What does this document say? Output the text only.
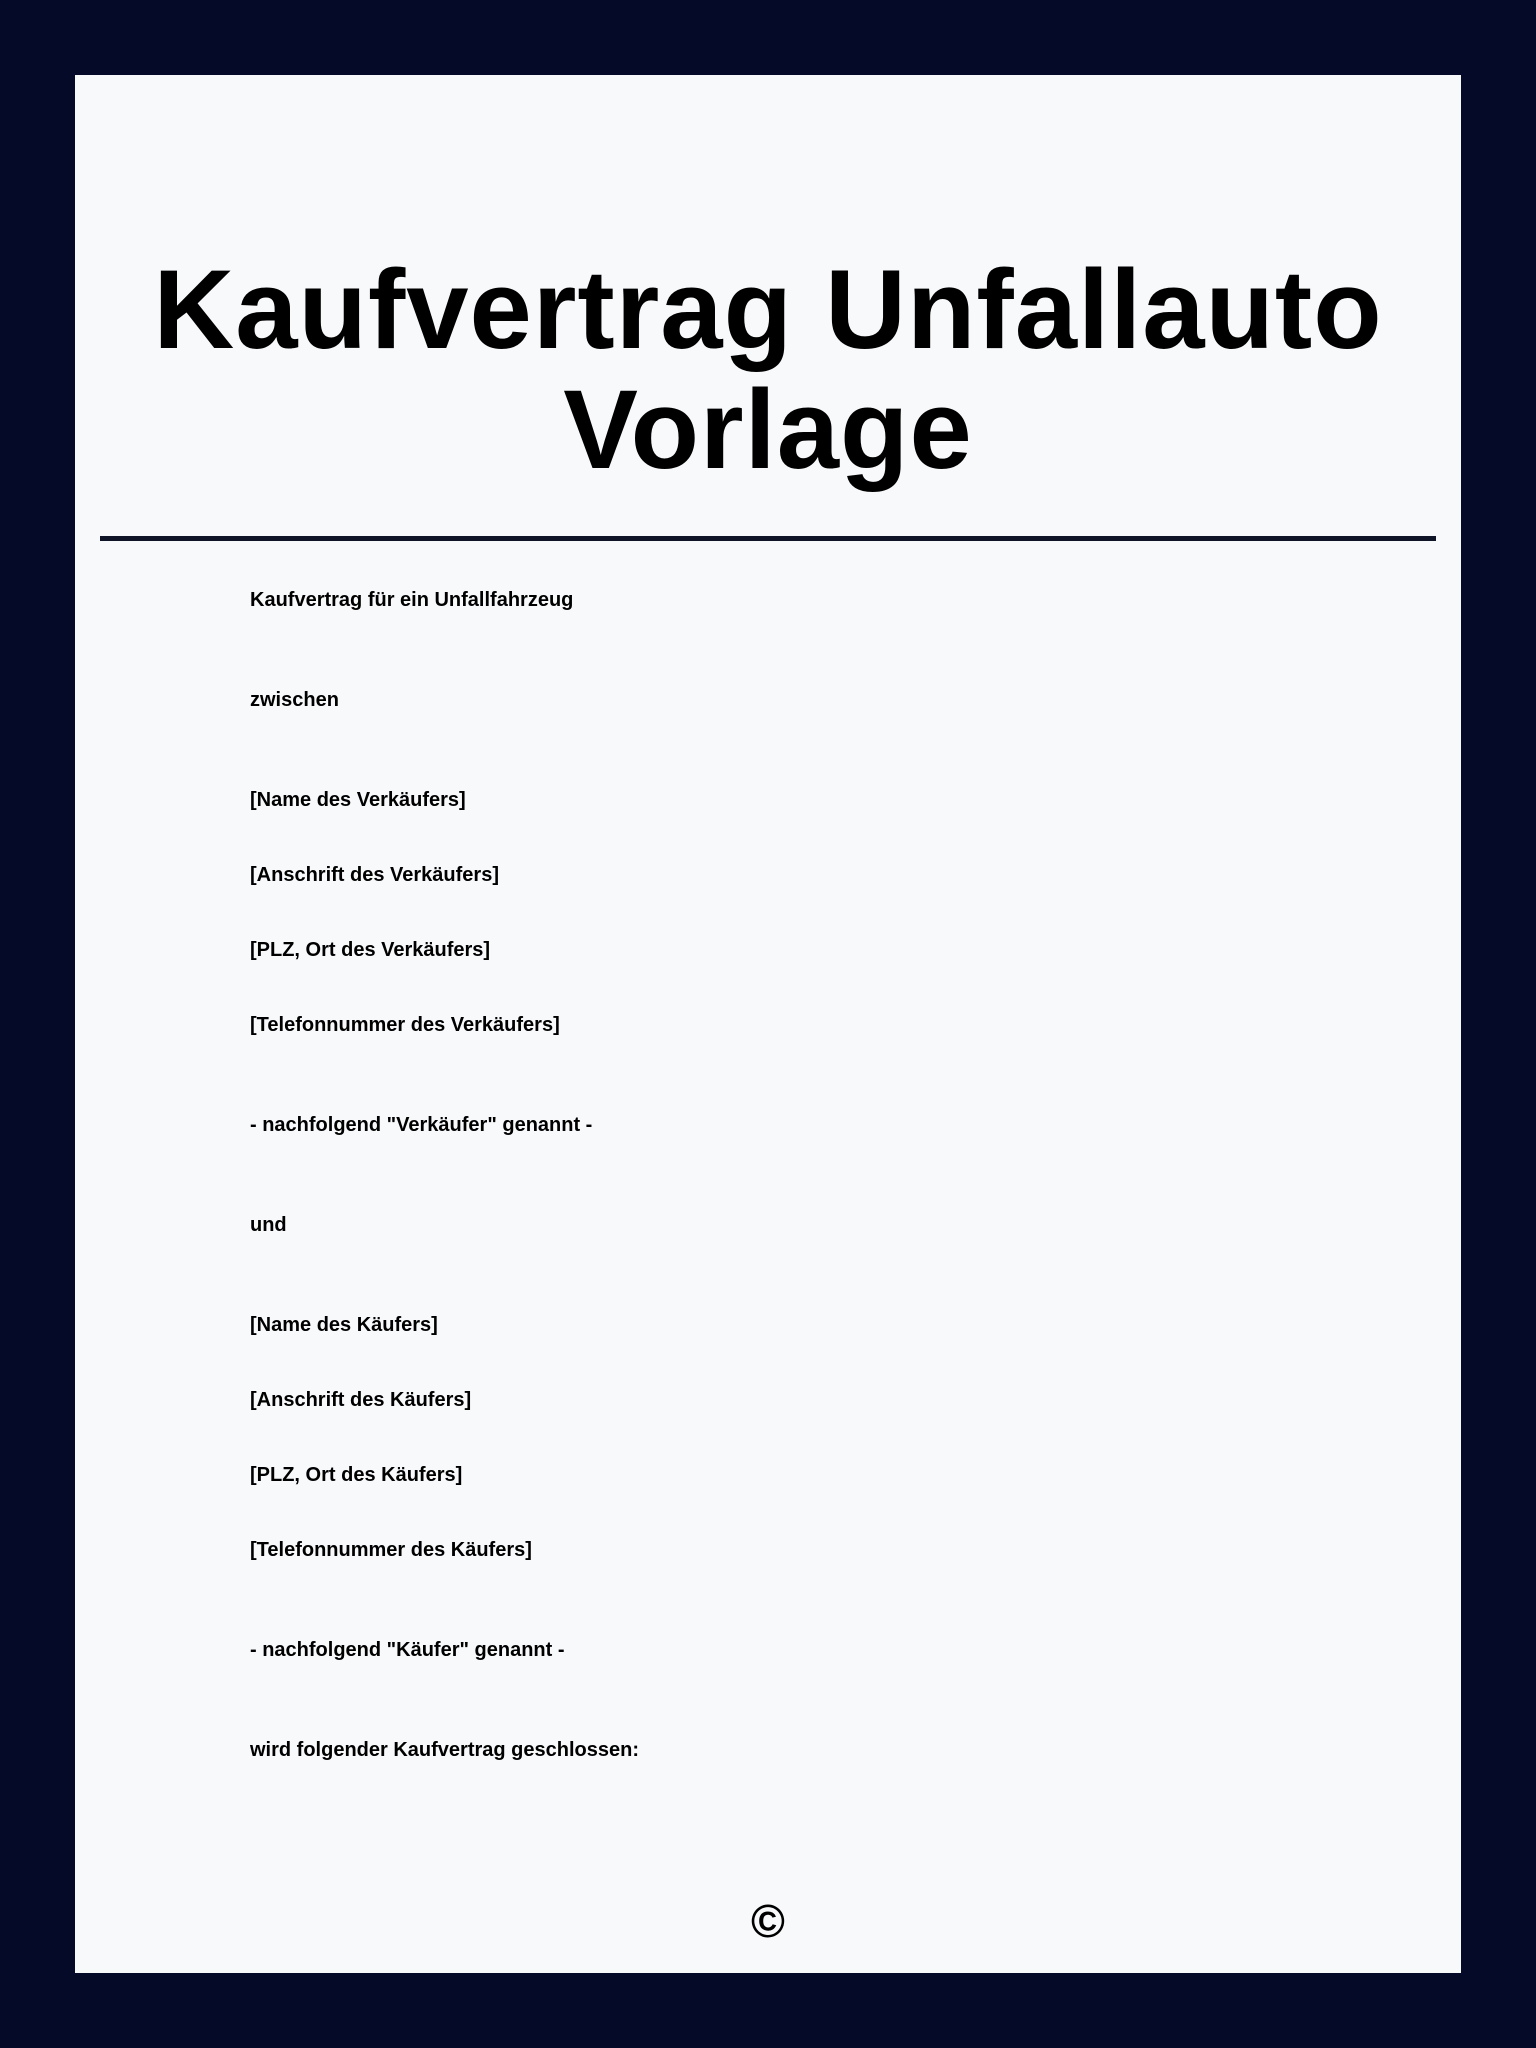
Kaufvertrag Unfallauto
Vorlage

Kaufvertrag für ein Unfallfahrzeug

zwischen

[Name des Verkäufers]

[Anschrift des Verkäufers]

[PLZ, Ort des Verkäufers]

[Telefonnummer des Verkäufers]

- nachfolgend "Verkäufer" genannt -

und

[Name des Käufers]

[Anschrift des Käufers]

[PLZ, Ort des Käufers]

[Telefonnummer des Käufers]

- nachfolgend "Käufer" genannt -

wird folgender Kaufvertrag geschlossen:

©
